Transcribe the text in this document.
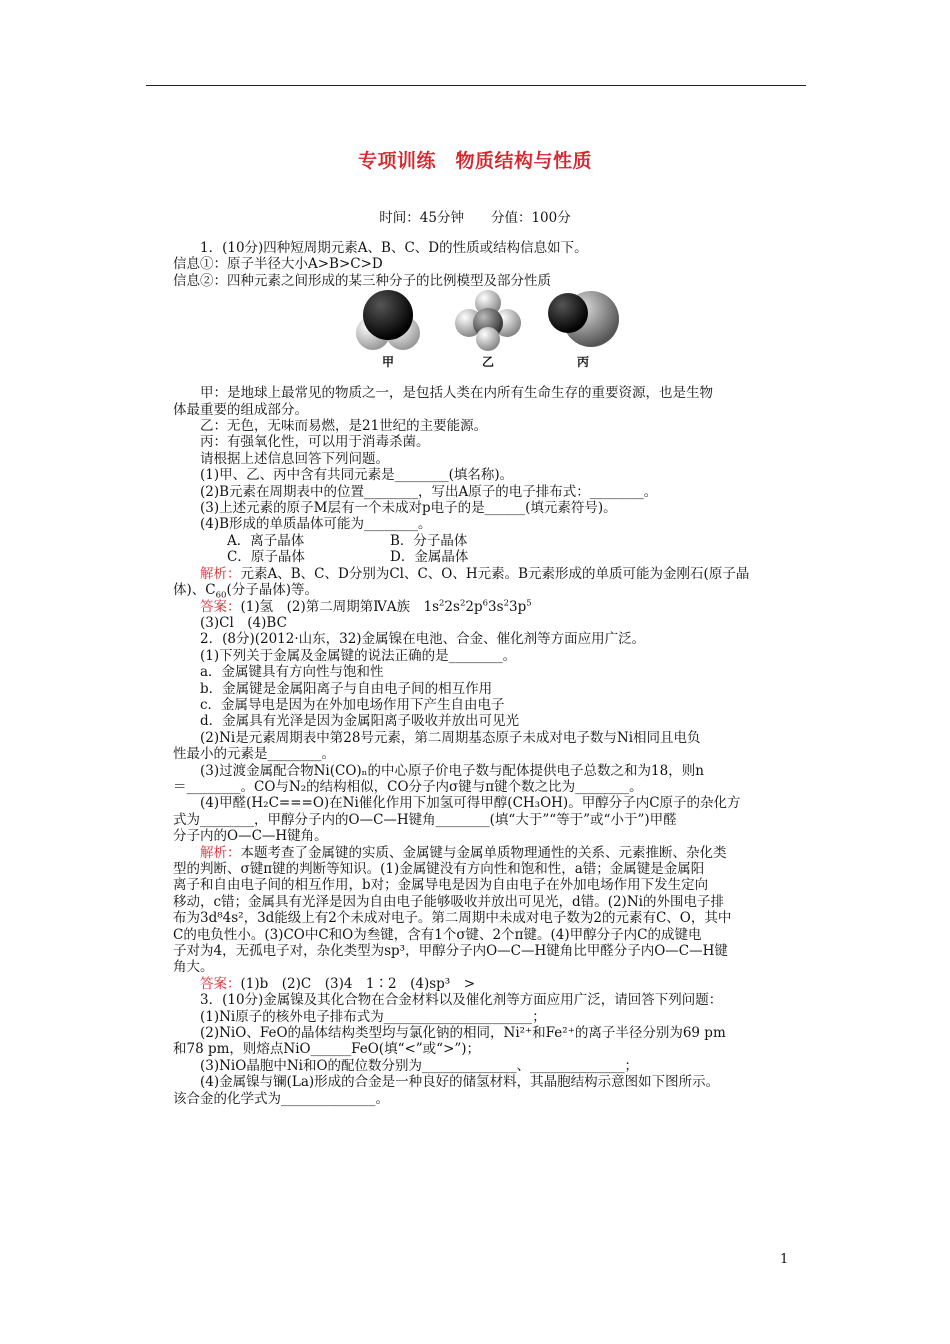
专项训练　物质结构与性质
时间：45分钟　　分值：100分

1．(10分)四种短周期元素A、B、C、D的性质或结构信息如下。

信息①：原子半径大小A>B>C>D

信息②：四种元素之间形成的某三种分子的比例模型及部分性质

甲	乙	丙

甲：是地球上最常见的物质之一，是包括人类在内所有生命生存的重要资源，也是生物

体最重要的组成部分。

乙：无色，无味而易燃，是21世纪的主要能源。

丙：有强氧化性，可以用于消毒杀菌。

请根据上述信息回答下列问题。

(1)甲、乙、丙中含有共同元素是________(填名称)。

(2)B元素在周期表中的位置________，写出A原子的电子排布式：________。

(3)上述元素的原子M层有一个未成对p电子的是______(填元素符号)。

(4)B形成的单质晶体可能为________。

A．离子晶体	B．分子晶体

C．原子晶体	D．金属晶体

解析：元素A、B、C、D分别为Cl、C、O、H元素。B元素形成的单质可能为金刚石(原子晶

体)、$C_{60}$(分子晶体)等。

答案：(1)氢　(2)第二周期第ⅣA族　$1s^22s^22p^63s^23p^5$

(3)Cl　(4)BC

2．(8分)(2012·山东，32)金属镍在电池、合金、催化剂等方面应用广泛。

(1)下列关于金属及金属键的说法正确的是________。

a．金属键具有方向性与饱和性

b．金属键是金属阳离子与自由电子间的相互作用

c．金属导电是因为在外加电场作用下产生自由电子

d．金属具有光泽是因为金属阳离子吸收并放出可见光

(2)Ni是元素周期表中第28号元素，第二周期基态原子未成对电子数与Ni相同且电负

性最小的元素是________。

(3)过渡金属配合物Ni(CO)ₙ的中心原子价电子数与配体提供电子总数之和为18，则n

＝________。CO与N₂的结构相似，CO分子内σ键与π键个数之比为________。

(4)甲醛(H₂C===O)在Ni催化作用下加氢可得甲醇(CH₃OH)。甲醇分子内C原子的杂化方

式为________，甲醇分子内的O—C—H键角________(填“大于”“等于”或“小于”)甲醛

分子内的O—C—H键角。

解析：本题考查了金属键的实质、金属键与金属单质物理通性的关系、元素推断、杂化类

型的判断、σ键π键的判断等知识。(1)金属键没有方向性和饱和性，a错；金属键是金属阳

离子和自由电子间的相互作用，b对；金属导电是因为自由电子在外加电场作用下发生定向

移动，c错；金属具有光泽是因为自由电子能够吸收并放出可见光，d错。(2)Ni的外围电子排

布为3d⁸4s²，3d能级上有2个未成对电子。第二周期中未成对电子数为2的元素有C、O，其中

C的电负性小。(3)CO中C和O为叁键，含有1个σ键、2个π键。(4)甲醇分子内C的成键电

子对为4，无孤电子对，杂化类型为sp³，甲醇分子内O—C—H键角比甲醛分子内O—C—H键

角大。

答案：(1)b　(2)C　(3)4　1∶2　(4)sp³　>

3．(10分)金属镍及其化合物在合金材料以及催化剂等方面应用广泛，请回答下列问题：

(1)Ni原子的核外电子排布式为______________________；

(2)NiO、FeO的晶体结构类型均与氯化钠的相同，Ni²⁺和Fe²⁺的离子半径分别为69 pm

和78 pm，则熔点NiO______FeO(填“<”或“>”)；

(3)NiO晶胞中Ni和O的配位数分别为______________、______________；

(4)金属镍与镧(La)形成的合金是一种良好的储氢材料，其晶胞结构示意图如下图所示。

该合金的化学式为______________。

1
